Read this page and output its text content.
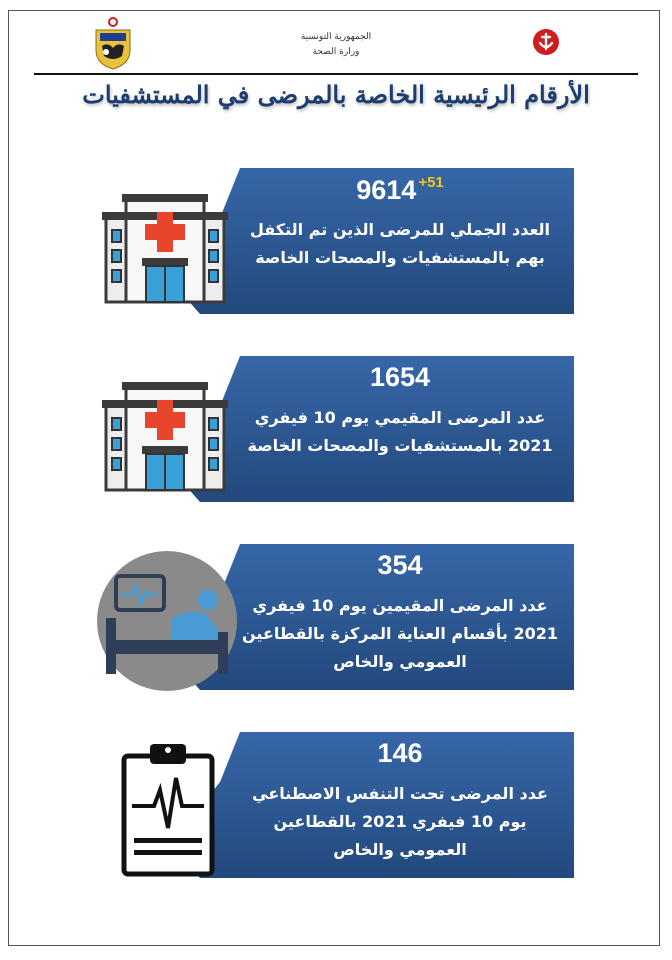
الجمهورية التونسية
وزارة الصحة
الأرقام الرئيسية الخاصة بالمرضى في المستشفيات
9614 $^{+51}$
العدد الجملي للمرضى الذين تم التكفل بهم بالمستشفيات والمصحات الخاصة
1654
عدد المرضى المقيمي يوم 10 فيفري 2021 بالمستشفيات والمصحات الخاصة
354
عدد المرضى المقيمين يوم 10 فيفري 2021 بأقسام العناية المركزة بالقطاعين العمومي والخاص
146
عدد المرضى تحت التنفس الاصطناعي يوم 10 فيفري 2021 بالقطاعين العمومي والخاص
